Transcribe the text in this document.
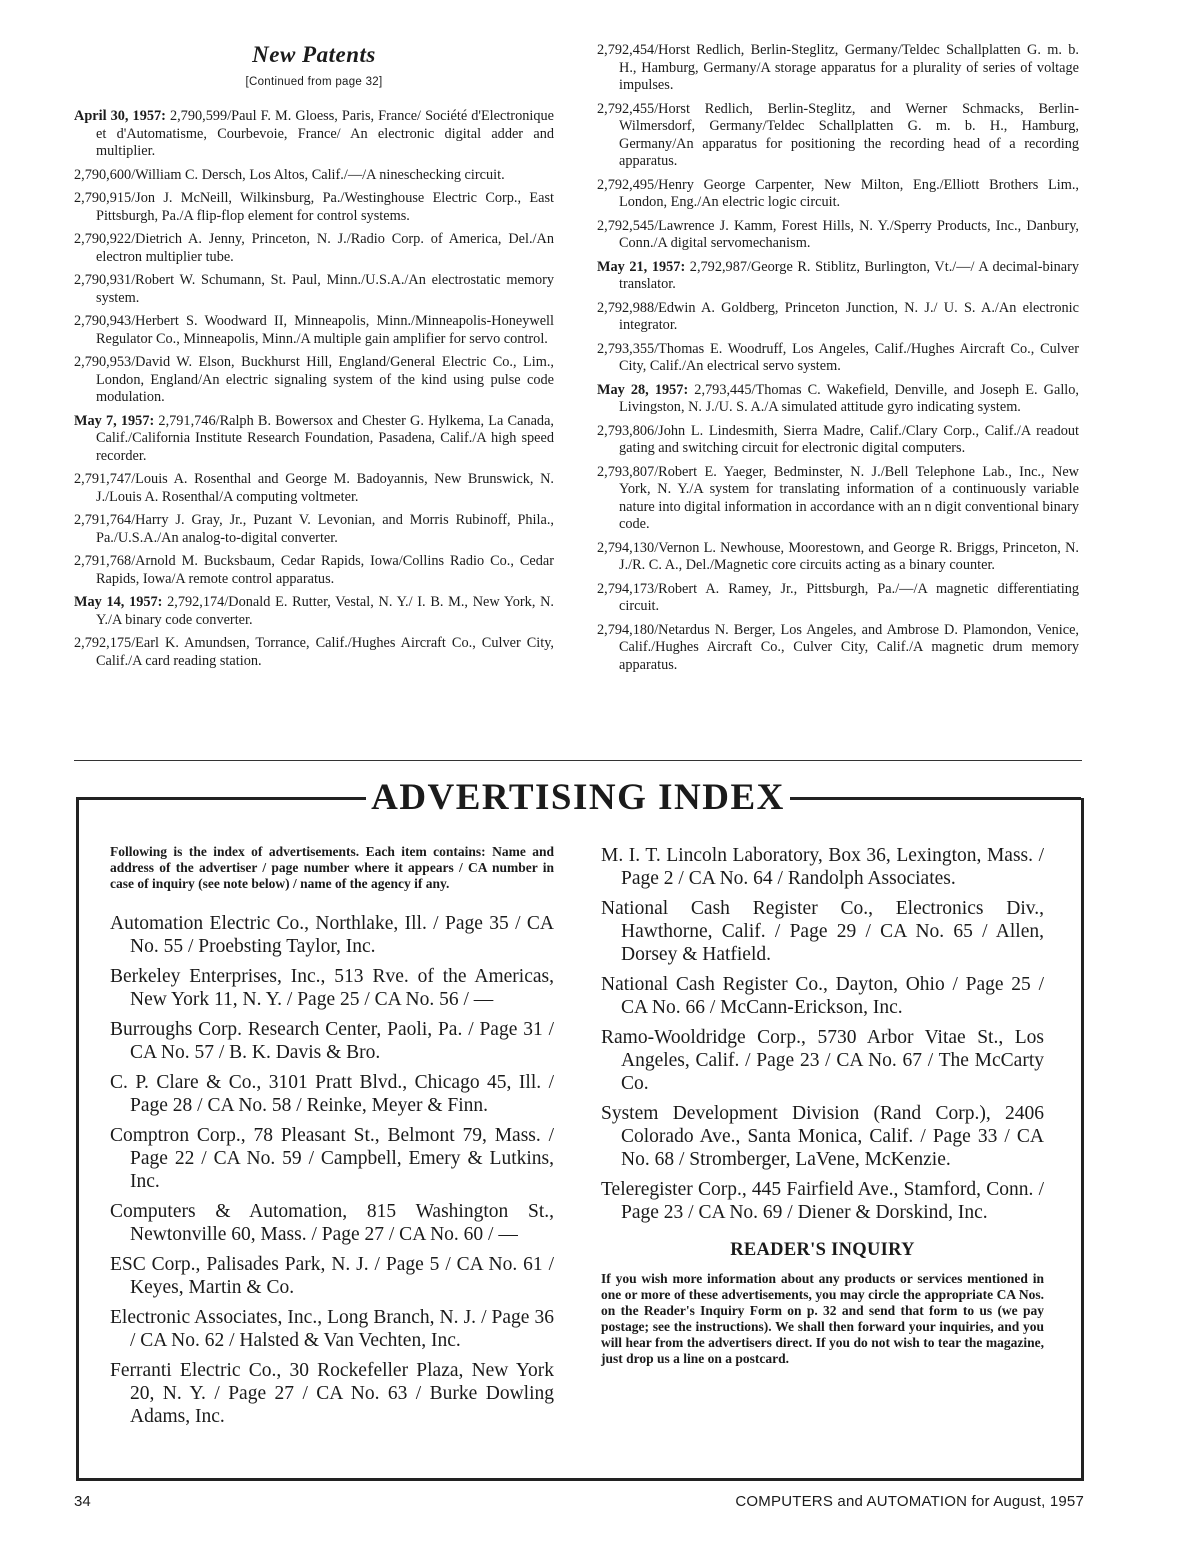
New Patents
[Continued from page 32]

April 30, 1957: 2,790,599/Paul F. M. Gloess, Paris, France/ Société d'Electronique et d'Automatisme, Courbevoie, France/ An electronic digital adder and multiplier.

2,790,600/William C. Dersch, Los Altos, Calif./—/A nineschecking circuit.

2,790,915/Jon J. McNeill, Wilkinsburg, Pa./Westinghouse Electric Corp., East Pittsburgh, Pa./A flip-flop element for control systems.

2,790,922/Dietrich A. Jenny, Princeton, N. J./Radio Corp. of America, Del./An electron multiplier tube.

2,790,931/Robert W. Schumann, St. Paul, Minn./U.S.A./An electrostatic memory system.

2,790,943/Herbert S. Woodward II, Minneapolis, Minn./Minneapolis-Honeywell Regulator Co., Minneapolis, Minn./A multiple gain amplifier for servo control.

2,790,953/David W. Elson, Buckhurst Hill, England/General Electric Co., Lim., London, England/An electric signaling system of the kind using pulse code modulation.

May 7, 1957: 2,791,746/Ralph B. Bowersox and Chester G. Hylkema, La Canada, Calif./California Institute Research Foundation, Pasadena, Calif./A high speed recorder.

2,791,747/Louis A. Rosenthal and George M. Badoyannis, New Brunswick, N. J./Louis A. Rosenthal/A computing voltmeter.

2,791,764/Harry J. Gray, Jr., Puzant V. Levonian, and Morris Rubinoff, Phila., Pa./U.S.A./An analog-to-digital converter.

2,791,768/Arnold M. Bucksbaum, Cedar Rapids, Iowa/Collins Radio Co., Cedar Rapids, Iowa/A remote control apparatus.

May 14, 1957: 2,792,174/Donald E. Rutter, Vestal, N. Y./ I. B. M., New York, N. Y./A binary code converter.

2,792,175/Earl K. Amundsen, Torrance, Calif./Hughes Aircraft Co., Culver City, Calif./A card reading station.

2,792,454/Horst Redlich, Berlin-Steglitz, Germany/Teldec Schallplatten G. m. b. H., Hamburg, Germany/A storage apparatus for a plurality of series of voltage impulses.

2,792,455/Horst Redlich, Berlin-Steglitz, and Werner Schmacks, Berlin-Wilmersdorf, Germany/Teldec Schallplatten G. m. b. H., Hamburg, Germany/An apparatus for positioning the recording head of a recording apparatus.

2,792,495/Henry George Carpenter, New Milton, Eng./Elliott Brothers Lim., London, Eng./An electric logic circuit.

2,792,545/Lawrence J. Kamm, Forest Hills, N. Y./Sperry Products, Inc., Danbury, Conn./A digital servomechanism.

May 21, 1957: 2,792,987/George R. Stiblitz, Burlington, Vt./—/ A decimal-binary translator.

2,792,988/Edwin A. Goldberg, Princeton Junction, N. J./ U. S. A./An electronic integrator.

2,793,355/Thomas E. Woodruff, Los Angeles, Calif./Hughes Aircraft Co., Culver City, Calif./An electrical servo system.

May 28, 1957: 2,793,445/Thomas C. Wakefield, Denville, and Joseph E. Gallo, Livingston, N. J./U. S. A./A simulated attitude gyro indicating system.

2,793,806/John L. Lindesmith, Sierra Madre, Calif./Clary Corp., Calif./A readout gating and switching circuit for electronic digital computers.

2,793,807/Robert E. Yaeger, Bedminster, N. J./Bell Telephone Lab., Inc., New York, N. Y./A system for translating information of a continuously variable nature into digital information in accordance with an n digit conventional binary code.

2,794,130/Vernon L. Newhouse, Moorestown, and George R. Briggs, Princeton, N. J./R. C. A., Del./Magnetic core circuits acting as a binary counter.

2,794,173/Robert A. Ramey, Jr., Pittsburgh, Pa./—/A magnetic differentiating circuit.

2,794,180/Netardus N. Berger, Los Angeles, and Ambrose D. Plamondon, Venice, Calif./Hughes Aircraft Co., Culver City, Calif./A magnetic drum memory apparatus.

ADVERTISING INDEX

Following is the index of advertisements. Each item contains: Name and address of the advertiser / page number where it appears / CA number in case of inquiry (see note below) / name of the agency if any.

Automation Electric Co., Northlake, Ill. / Page 35 / CA No. 55 / Proebsting Taylor, Inc.

Berkeley Enterprises, Inc., 513 Rve. of the Americas, New York 11, N. Y. / Page 25 / CA No. 56 / —

Burroughs Corp. Research Center, Paoli, Pa. / Page 31 / CA No. 57 / B. K. Davis & Bro.

C. P. Clare & Co., 3101 Pratt Blvd., Chicago 45, Ill. / Page 28 / CA No. 58 / Reinke, Meyer & Finn.

Comptron Corp., 78 Pleasant St., Belmont 79, Mass. / Page 22 / CA No. 59 / Campbell, Emery & Lutkins, Inc.

Computers & Automation, 815 Washington St., Newtonville 60, Mass. / Page 27 / CA No. 60 / —

ESC Corp., Palisades Park, N. J. / Page 5 / CA No. 61 / Keyes, Martin & Co.

Electronic Associates, Inc., Long Branch, N. J. / Page 36 / CA No. 62 / Halsted & Van Vechten, Inc.

Ferranti Electric Co., 30 Rockefeller Plaza, New York 20, N. Y. / Page 27 / CA No. 63 / Burke Dowling Adams, Inc.

M. I. T. Lincoln Laboratory, Box 36, Lexington, Mass. / Page 2 / CA No. 64 / Randolph Associates.

National Cash Register Co., Electronics Div., Hawthorne, Calif. / Page 29 / CA No. 65 / Allen, Dorsey & Hatfield.

National Cash Register Co., Dayton, Ohio / Page 25 / CA No. 66 / McCann-Erickson, Inc.

Ramo-Wooldridge Corp., 5730 Arbor Vitae St., Los Angeles, Calif. / Page 23 / CA No. 67 / The McCarty Co.

System Development Division (Rand Corp.), 2406 Colorado Ave., Santa Monica, Calif. / Page 33 / CA No. 68 / Stromberger, LaVene, McKenzie.

Teleregister Corp., 445 Fairfield Ave., Stamford, Conn. / Page 23 / CA No. 69 / Diener & Dorskind, Inc.

READER'S INQUIRY

If you wish more information about any products or services mentioned in one or more of these advertisements, you may circle the appropriate CA Nos. on the Reader's Inquiry Form on p. 32 and send that form to us (we pay postage; see the instructions). We shall then forward your inquiries, and you will hear from the advertisers direct. If you do not wish to tear the magazine, just drop us a line on a postcard.

34	COMPUTERS and AUTOMATION for August, 1957
